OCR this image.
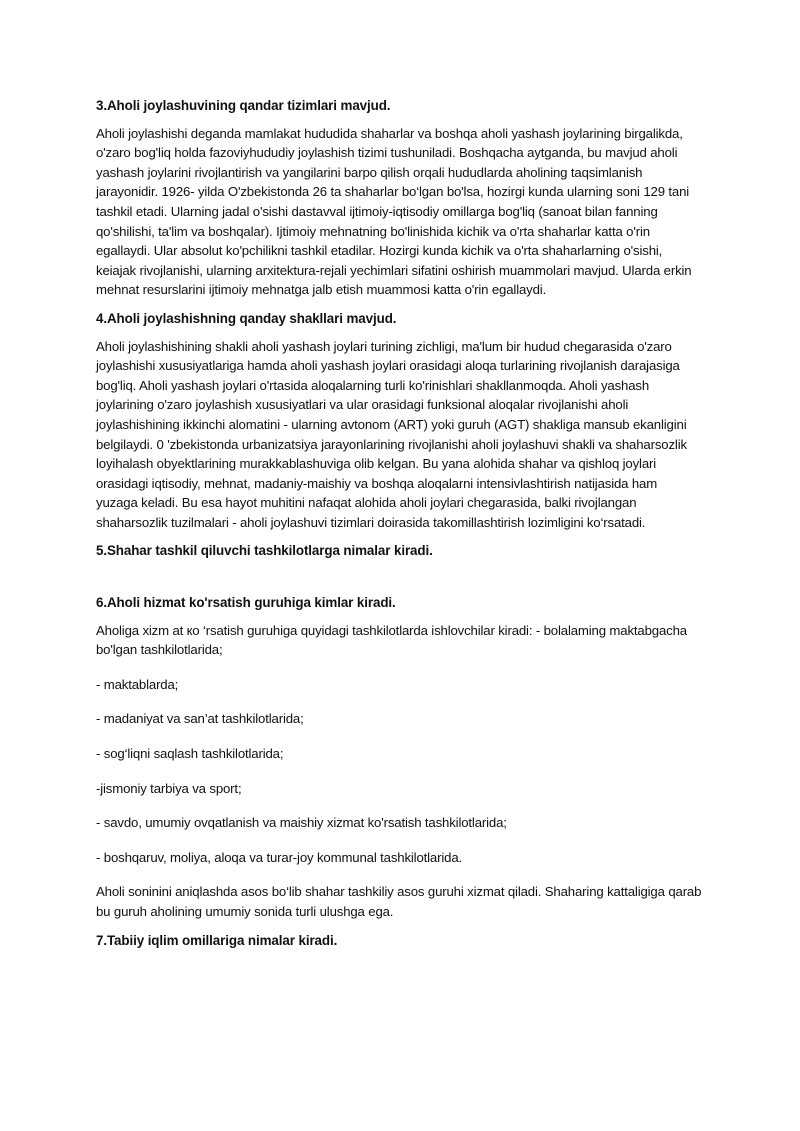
3.Aholi joylashuvining qandar tizimlari mavjud.

Aholi joylashishi deganda mamlakat hududida shaharlar va boshqa aholi yashash joylarining birgalikda, o'zaro bog'liq holda fazoviyhududiy joylashish tizimi tushuniladi. Boshqacha aytganda, bu mavjud aholi yashash joylarini rivojlantirish va yangilarini barpo qilish orqali hududlarda aholining taqsimlanish jarayonidir. 1926- yilda O'zbekistonda 26 ta shaharlar bo‘lgan bo'lsa, hozirgi kunda ularning soni 129 tani tashkil etadi. Ularning jadal o'sishi dastavval ijtimoiy-iqtisodiy omillarga bog'liq (sanoat bilan fanning qo'shilishi, ta'lim va boshqalar). Ijtimoiy mehnatning bo'linishida kichik va o'rta shaharlar katta o'rin egallaydi. Ular absolut ko'pchilikni tashkil etadilar. Hozirgi kunda kichik va o'rta shaharlarning o'sishi, keiajak rivojlanishi, ularning arxitektura-rejali yechimlari sifatini oshirish muammolari mavjud. Ularda erkin mehnat resurslarini ijtimoiy mehnatga jalb etish muammosi katta o'rin egallaydi.

4.Aholi joylashishning qanday shakllari mavjud.

Aholi joylashishining shakli aholi yashash joylari turining zichligi, ma'lum bir hudud chegarasida o'zaro joylashishi xususiyatlariga hamda aholi yashash joylari orasidagi aloqa turlarining rivojlanish darajasiga bog'liq. Aholi yashash joylari o'rtasida aloqalarning turli ko'rinishlari shakllanmoqda. Aholi yashash joylarining o'zaro joylashish xususiyatlari va ular orasidagi funksional aloqalar rivojlanishi aholi joylashishining ikkinchi alomatini - ularning avtonom (ART) yoki guruh (AGT) shakliga mansub ekanligini belgilaydi. 0 'zbekistonda urbanizatsiya jarayonlarining rivojlanishi aholi joylashuvi shakli va shaharsozlik loyihalash obyektlarining murakkablashuviga olib kelgan. Bu yana alohida shahar va qishloq joylari orasidagi iqtisodiy, mehnat, madaniy-maishiy va boshqa aloqalarni intensivlashtirish natijasida ham yuzaga keladi. Bu esa hayot muhitini nafaqat alohida aholi joylari chegarasida, balki rivojlangan shaharsozlik tuzilmalari - aholi joylashuvi tizimlari doirasida takomillashtirish lozimligini ko‘rsatadi.

5.Shahar tashkil qiluvchi tashkilotlarga nimalar kiradi.
6.Aholi hizmat ko'rsatish guruhiga kimlar kiradi.

Aholiga xizm at кo ‘rsatish guruhiga quyidagi tashkilotlarda ishlovchilar kiradi: - bolalaming maktabgacha bo'lgan tashkilotlarida;

- maktablarda;

- madaniyat va san’at tashkilotlarida;

- sog‘liqni saqlash tashkilotlarida;

-jismoniy tarbiya va sport;

- savdo, umumiy ovqatlanish va maishiy xizmat ko'rsatish tashkilotlarida;

- boshqaruv, moliya, aloqa va turar-joy kommunal tashkilotlarida.

Aholi soninini aniqlashda asos bo‘lib shahar tashkiliy asos guruhi xizmat qiladi. Shaharing kattaligiga qarab bu guruh aholining umumiy sonida turli ulushga ega.

7.Tabiiy iqlim omillariga nimalar kiradi.
